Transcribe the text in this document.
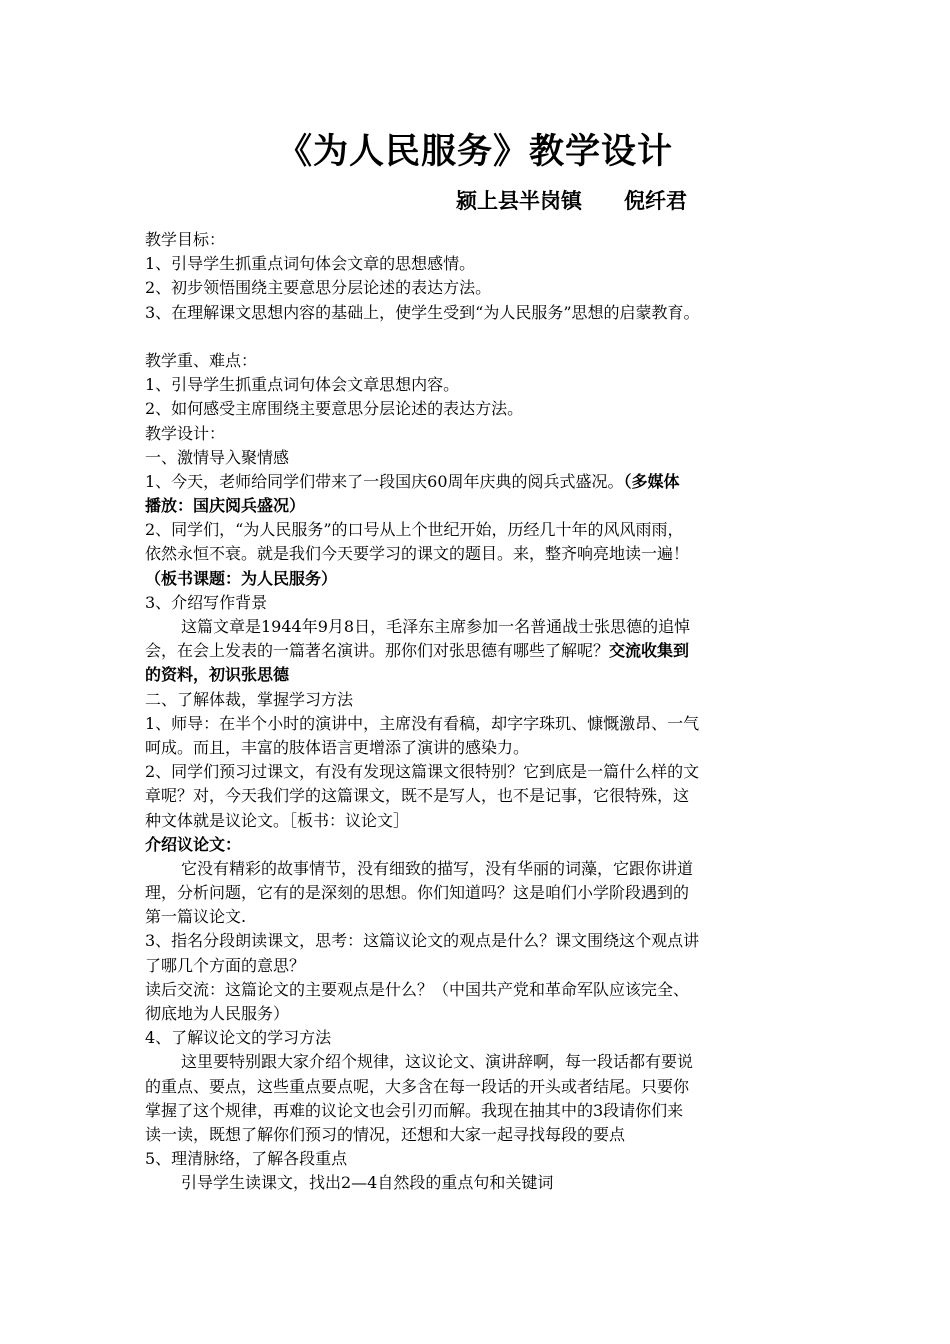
《为人民服务》教学设计
颍上县半岗镇　　倪纤君
教学目标：
1、引导学生抓重点词句体会文章的思想感情。
2、初步领悟围绕主要意思分层论述的表达方法。
3、在理解课文思想内容的基础上，使学生受到“为人民服务”思想的启蒙教育。
教学重、难点：
1、引导学生抓重点词句体会文章思想内容。
2、如何感受主席围绕主要意思分层论述的表达方法。
教学设计：
一、激情导入聚情感
1、今天，老师给同学们带来了一段国庆60周年庆典的阅兵式盛况。（多媒体
播放：国庆阅兵盛况）
2、同学们，“为人民服务”的口号从上个世纪开始，历经几十年的风风雨雨，
依然永恒不衰。就是我们今天要学习的课文的题目。来，整齐响亮地读一遍！
（板书课题：为人民服务）
3、介绍写作背景
这篇文章是1944年9月8日，毛泽东主席参加一名普通战士张思德的追悼
会，在会上发表的一篇著名演讲。那你们对张思德有哪些了解呢？交流收集到
的资料，初识张思德
二、了解体裁，掌握学习方法
1、师导：在半个小时的演讲中，主席没有看稿，却字字珠玑、慷慨激昂、一气
呵成。而且，丰富的肢体语言更增添了演讲的感染力。
2、同学们预习过课文，有没有发现这篇课文很特别？它到底是一篇什么样的文
章呢？对，今天我们学的这篇课文，既不是写人，也不是记事，它很特殊，这
种文体就是议论文。［板书：议论文］
介绍议论文：
它没有精彩的故事情节，没有细致的描写，没有华丽的词藻，它跟你讲道
理，分析问题，它有的是深刻的思想。你们知道吗？这是咱们小学阶段遇到的
第一篇议论文.
3、指名分段朗读课文，思考：这篇议论文的观点是什么？课文围绕这个观点讲
了哪几个方面的意思？
读后交流：这篇论文的主要观点是什么？（中国共产党和革命军队应该完全、
彻底地为人民服务）
4、了解议论文的学习方法
这里要特别跟大家介绍个规律，这议论文、演讲辞啊，每一段话都有要说
的重点、要点，这些重点要点呢，大多含在每一段话的开头或者结尾。只要你
掌握了这个规律，再难的议论文也会引刃而解。我现在抽其中的3段请你们来
读一读，既想了解你们预习的情况，还想和大家一起寻找每段的要点
5、理清脉络，了解各段重点
引导学生读课文，找出2—4自然段的重点句和关键词
